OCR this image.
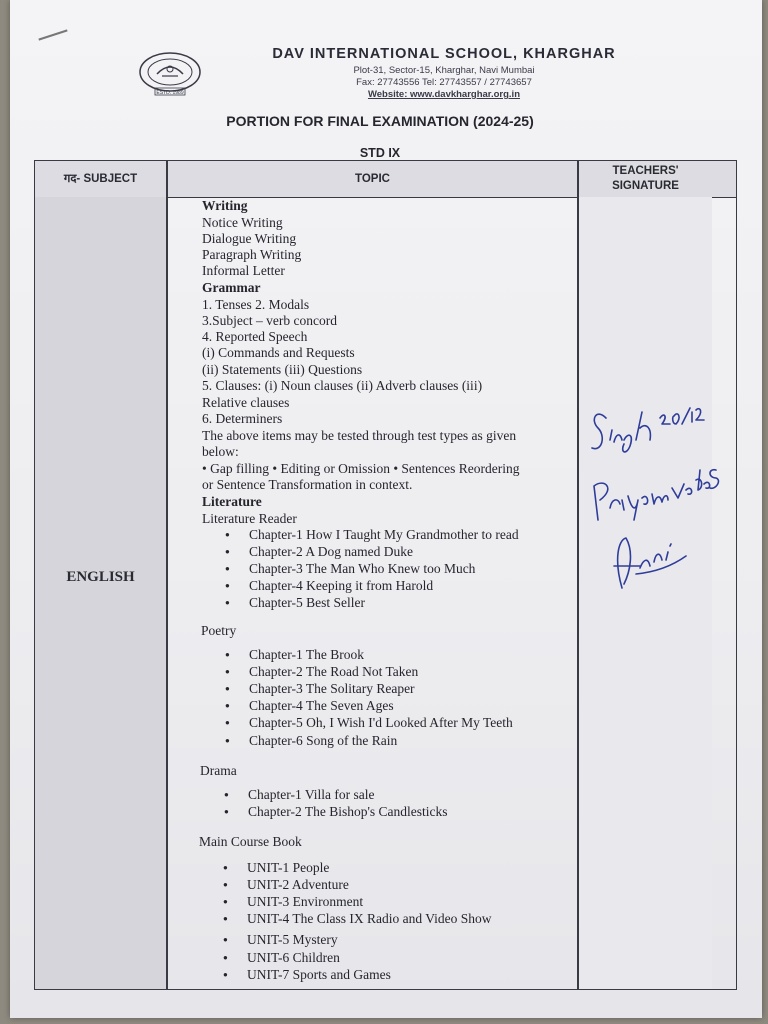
ESTD. 1989
DAV INTERNATIONAL SCHOOL, KHARGHAR
Plot-31, Sector-15, Kharghar, Navi Mumbai
Fax: 27743556 Tel: 27743557 / 27743657
Website: www.davkharghar.org.in
PORTION FOR FINAL EXAMINATION (2024-25)
STD IX
गद- SUBJECT	TOPIC
TEACHERS'
SIGNATURE
ENGLISH
Writing
Notice Writing
Dialogue Writing
Paragraph Writing
Informal Letter
Grammar
1. Tenses 2. Modals
3.Subject – verb concord
4. Reported Speech
(i) Commands and Requests
(ii) Statements (iii) Questions
5. Clauses: (i) Noun clauses (ii) Adverb clauses (iii)
Relative clauses
6. Determiners
The above items may be tested through test types as given
below:
• Gap filling • Editing or Omission • Sentences Reordering
or Sentence Transformation in context.
Literature
Literature Reader
● Chapter-1 How I Taught My Grandmother to read
● Chapter-2 A Dog named Duke
● Chapter-3 The Man Who Knew too Much
● Chapter-4 Keeping it from Harold
● Chapter-5 Best Seller
Poetry
● Chapter-1 The Brook
● Chapter-2 The Road Not Taken
● Chapter-3 The Solitary Reaper
● Chapter-4 The Seven Ages
● Chapter-5 Oh, I Wish I'd Looked After My Teeth
● Chapter-6 Song of the Rain
Drama
● Chapter-1 Villa for sale
● Chapter-2 The Bishop's Candlesticks
Main Course Book
● UNIT-1 People
● UNIT-2 Adventure
● UNIT-3 Environment
● UNIT-4 The Class IX Radio and Video Show
● UNIT-5 Mystery
● UNIT-6 Children
● UNIT-7 Sports and Games
